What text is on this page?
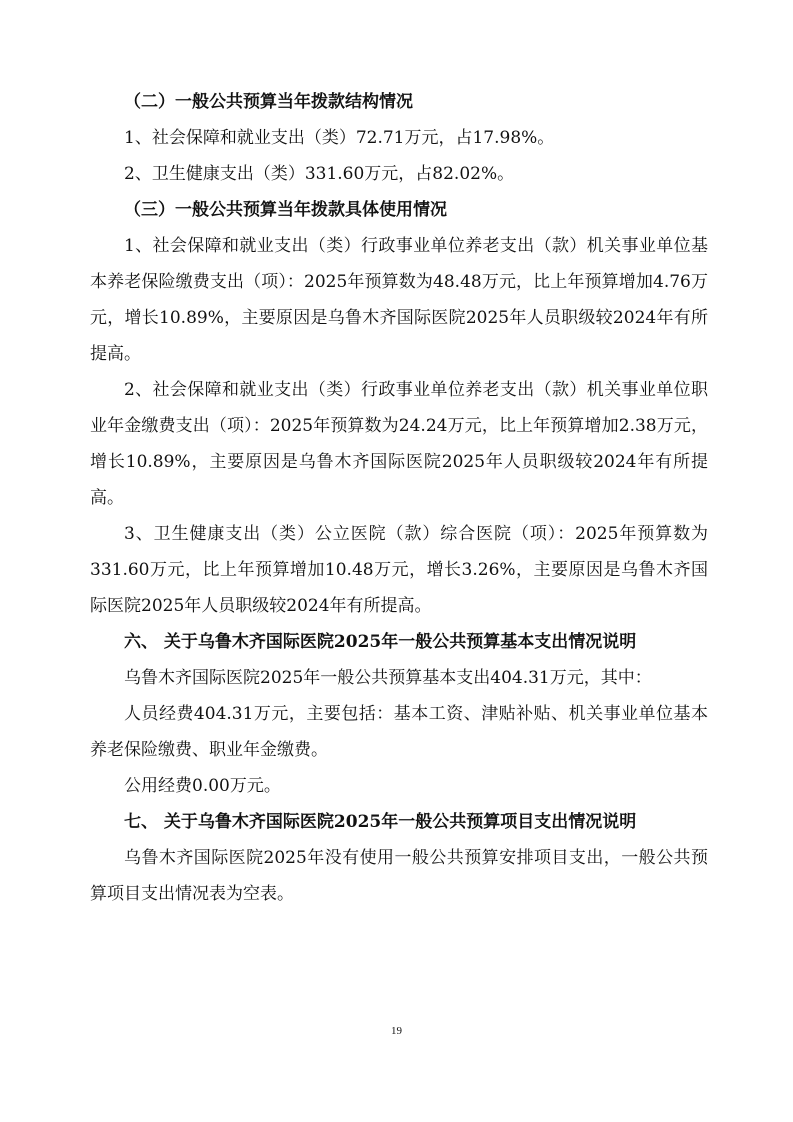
（二）一般公共预算当年拨款结构情况
1、社会保障和就业支出（类）72.71万元，占17.98%。
2、卫生健康支出（类）331.60万元，占82.02%。
（三）一般公共预算当年拨款具体使用情况
1、社会保障和就业支出（类）行政事业单位养老支出（款）机关事业单位基本养老保险缴费支出（项）：2025年预算数为48.48万元，比上年预算增加4.76万元，增长10.89%，主要原因是乌鲁木齐国际医院2025年人员职级较2024年有所提高。
2、社会保障和就业支出（类）行政事业单位养老支出（款）机关事业单位职业年金缴费支出（项）：2025年预算数为24.24万元，比上年预算增加2.38万元，增长10.89%，主要原因是乌鲁木齐国际医院2025年人员职级较2024年有所提高。
3、卫生健康支出（类）公立医院（款）综合医院（项）：2025年预算数为331.60万元，比上年预算增加10.48万元，增长3.26%，主要原因是乌鲁木齐国际医院2025年人员职级较2024年有所提高。
六、 关于乌鲁木齐国际医院2025年一般公共预算基本支出情况说明
乌鲁木齐国际医院2025年一般公共预算基本支出404.31万元，其中：
人员经费404.31万元，主要包括：基本工资、津贴补贴、机关事业单位基本养老保险缴费、职业年金缴费。
公用经费0.00万元。
七、 关于乌鲁木齐国际医院2025年一般公共预算项目支出情况说明
乌鲁木齐国际医院2025年没有使用一般公共预算安排项目支出，一般公共预算项目支出情况表为空表。
19
